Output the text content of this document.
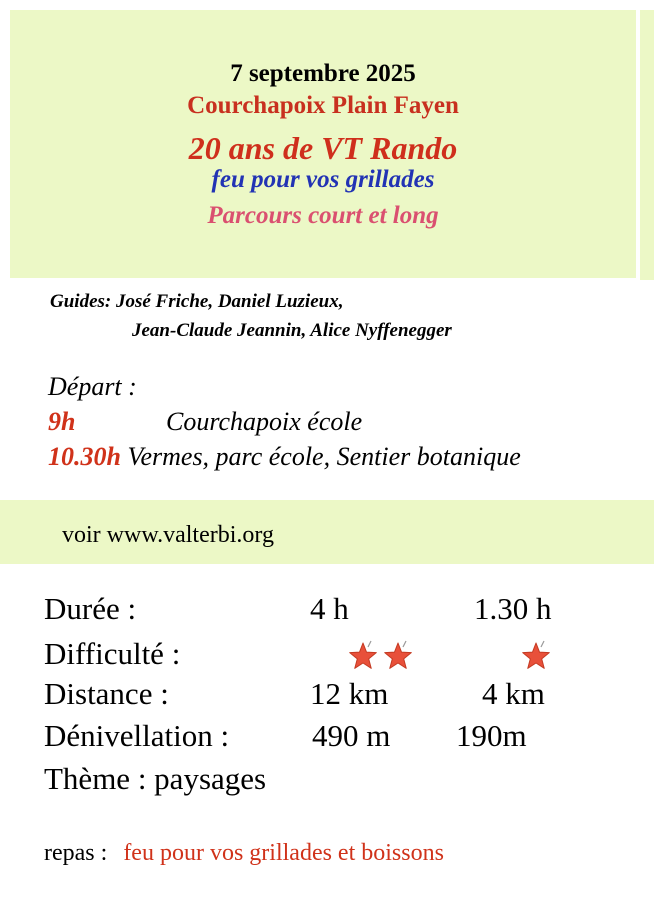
7 septembre 2025
Courchapoix Plain Fayen
20 ans de VT Rando
feu pour vos grillades
Parcours court et long
Guides: José Friche, Daniel Luzieux,
Jean-Claude Jeannin, Alice Nyffenegger
Départ :
9h	Courchapoix école
10.30h Vermes, parc école, Sentier botanique
voir www.valterbi.org
Durée :	4 h	1.30 h
Difficulté :
Distance :	12 km	4 km
Dénivellation :	490 m 190m
Thème : paysages
repas : feu pour vos grillades et boissons
